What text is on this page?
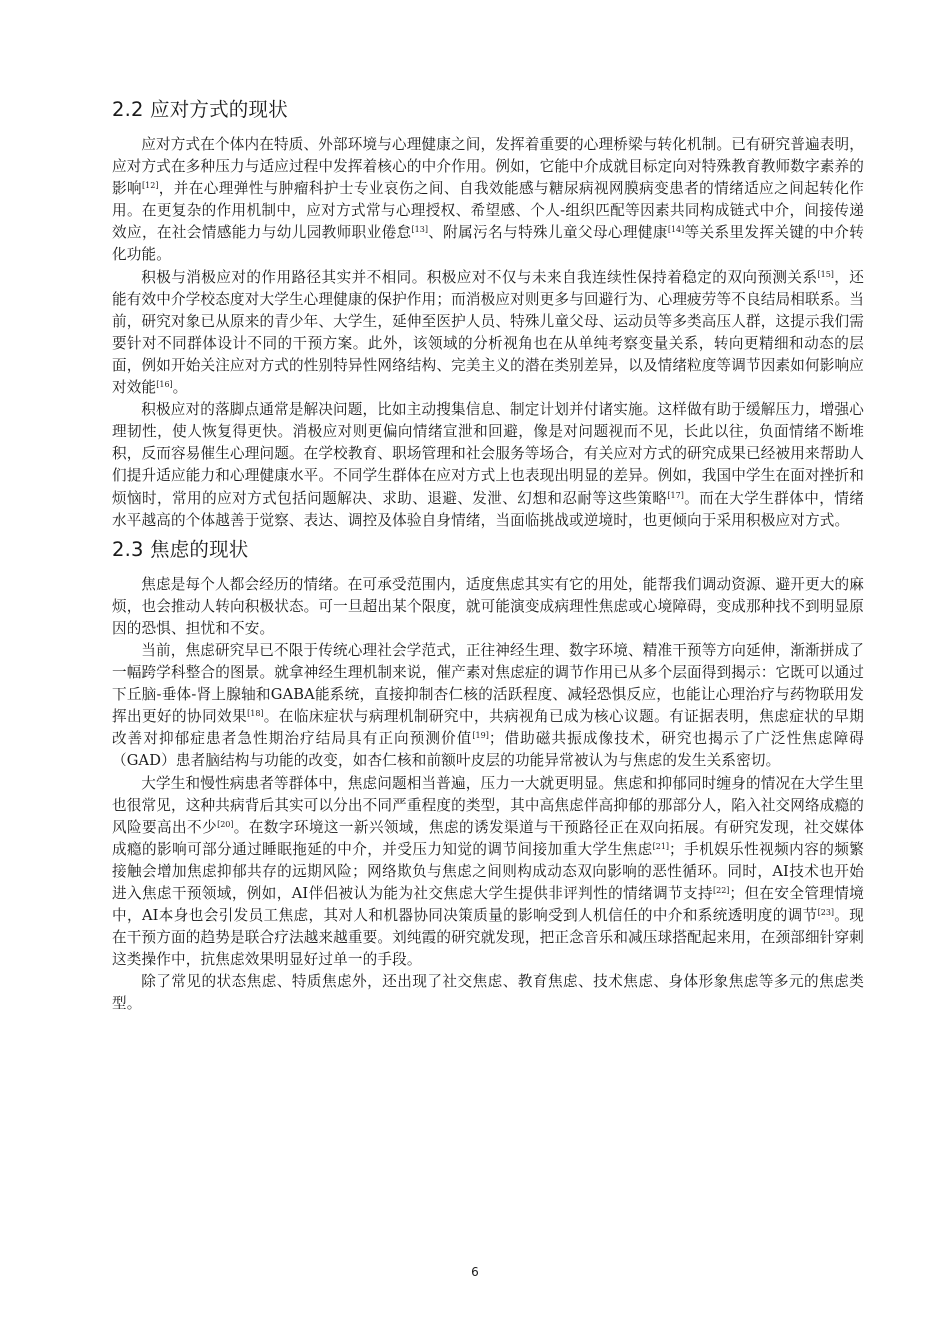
2.2 应对方式的现状

应对方式在个体内在特质、外部环境与心理健康之间，发挥着重要的心理桥梁与转化机制。已有研究普遍表明，应对方式在多种压力与适应过程中发挥着核心的中介作用。例如，它能中介成就目标定向对特殊教育教师数字素养的影响[12]，并在心理弹性与肿瘤科护士专业哀伤之间、自我效能感与糖尿病视网膜病变患者的情绪适应之间起转化作用。在更复杂的作用机制中，应对方式常与心理授权、希望感、个人-组织匹配等因素共同构成链式中介，间接传递效应，在社会情感能力与幼儿园教师职业倦怠[13]、附属污名与特殊儿童父母心理健康[14]等关系里发挥关键的中介转化功能。

积极与消极应对的作用路径其实并不相同。积极应对不仅与未来自我连续性保持着稳定的双向预测关系[15]，还能有效中介学校态度对大学生心理健康的保护作用；而消极应对则更多与回避行为、心理疲劳等不良结局相联系。当前，研究对象已从原来的青少年、大学生，延伸至医护人员、特殊儿童父母、运动员等多类高压人群，这提示我们需要针对不同群体设计不同的干预方案。此外，该领域的分析视角也在从单纯考察变量关系，转向更精细和动态的层面，例如开始关注应对方式的性别特异性网络结构、完美主义的潜在类别差异，以及情绪粒度等调节因素如何影响应对效能[16]。

积极应对的落脚点通常是解决问题，比如主动搜集信息、制定计划并付诸实施。这样做有助于缓解压力，增强心理韧性，使人恢复得更快。消极应对则更偏向情绪宣泄和回避，像是对问题视而不见，长此以往，负面情绪不断堆积，反而容易催生心理问题。在学校教育、职场管理和社会服务等场合，有关应对方式的研究成果已经被用来帮助人们提升适应能力和心理健康水平。不同学生群体在应对方式上也表现出明显的差异。例如，我国中学生在面对挫折和烦恼时，常用的应对方式包括问题解决、求助、退避、发泄、幻想和忍耐等这些策略[17]。而在大学生群体中，情绪水平越高的个体越善于觉察、表达、调控及体验自身情绪，当面临挑战或逆境时，也更倾向于采用积极应对方式。

2.3 焦虑的现状

焦虑是每个人都会经历的情绪。在可承受范围内，适度焦虑其实有它的用处，能帮我们调动资源、避开更大的麻烦，也会推动人转向积极状态。可一旦超出某个限度，就可能演变成病理性焦虑或心境障碍，变成那种找不到明显原因的恐惧、担忧和不安。

当前，焦虑研究早已不限于传统心理社会学范式，正往神经生理、数字环境、精准干预等方向延伸，渐渐拼成了一幅跨学科整合的图景。就拿神经生理机制来说，催产素对焦虑症的调节作用已从多个层面得到揭示：它既可以通过下丘脑-垂体-肾上腺轴和GABA能系统，直接抑制杏仁核的活跃程度、减轻恐惧反应，也能让心理治疗与药物联用发挥出更好的协同效果[18]。在临床症状与病理机制研究中，共病视角已成为核心议题。有证据表明，焦虑症状的早期改善对抑郁症患者急性期治疗结局具有正向预测价值[19]；借助磁共振成像技术，研究也揭示了广泛性焦虑障碍（GAD）患者脑结构与功能的改变，如杏仁核和前额叶皮层的功能异常被认为与焦虑的发生关系密切。

大学生和慢性病患者等群体中，焦虑问题相当普遍，压力一大就更明显。焦虑和抑郁同时缠身的情况在大学生里也很常见，这种共病背后其实可以分出不同严重程度的类型，其中高焦虑伴高抑郁的那部分人，陷入社交网络成瘾的风险要高出不少[20]。在数字环境这一新兴领域，焦虑的诱发渠道与干预路径正在双向拓展。有研究发现，社交媒体成瘾的影响可部分通过睡眠拖延的中介，并受压力知觉的调节间接加重大学生焦虑[21]；手机娱乐性视频内容的频繁接触会增加焦虑抑郁共存的远期风险；网络欺负与焦虑之间则构成动态双向影响的恶性循环。同时，AI技术也开始进入焦虑干预领域，例如，AI伴侣被认为能为社交焦虑大学生提供非评判性的情绪调节支持[22]；但在安全管理情境中，AI本身也会引发员工焦虑，其对人和机器协同决策质量的影响受到人机信任的中介和系统透明度的调节[23]。现在干预方面的趋势是联合疗法越来越重要。刘纯霞的研究就发现，把正念音乐和减压球搭配起来用，在颈部细针穿刺这类操作中，抗焦虑效果明显好过单一的手段。

除了常见的状态焦虑、特质焦虑外，还出现了社交焦虑、教育焦虑、技术焦虑、身体形象焦虑等多元的焦虑类型。

6
